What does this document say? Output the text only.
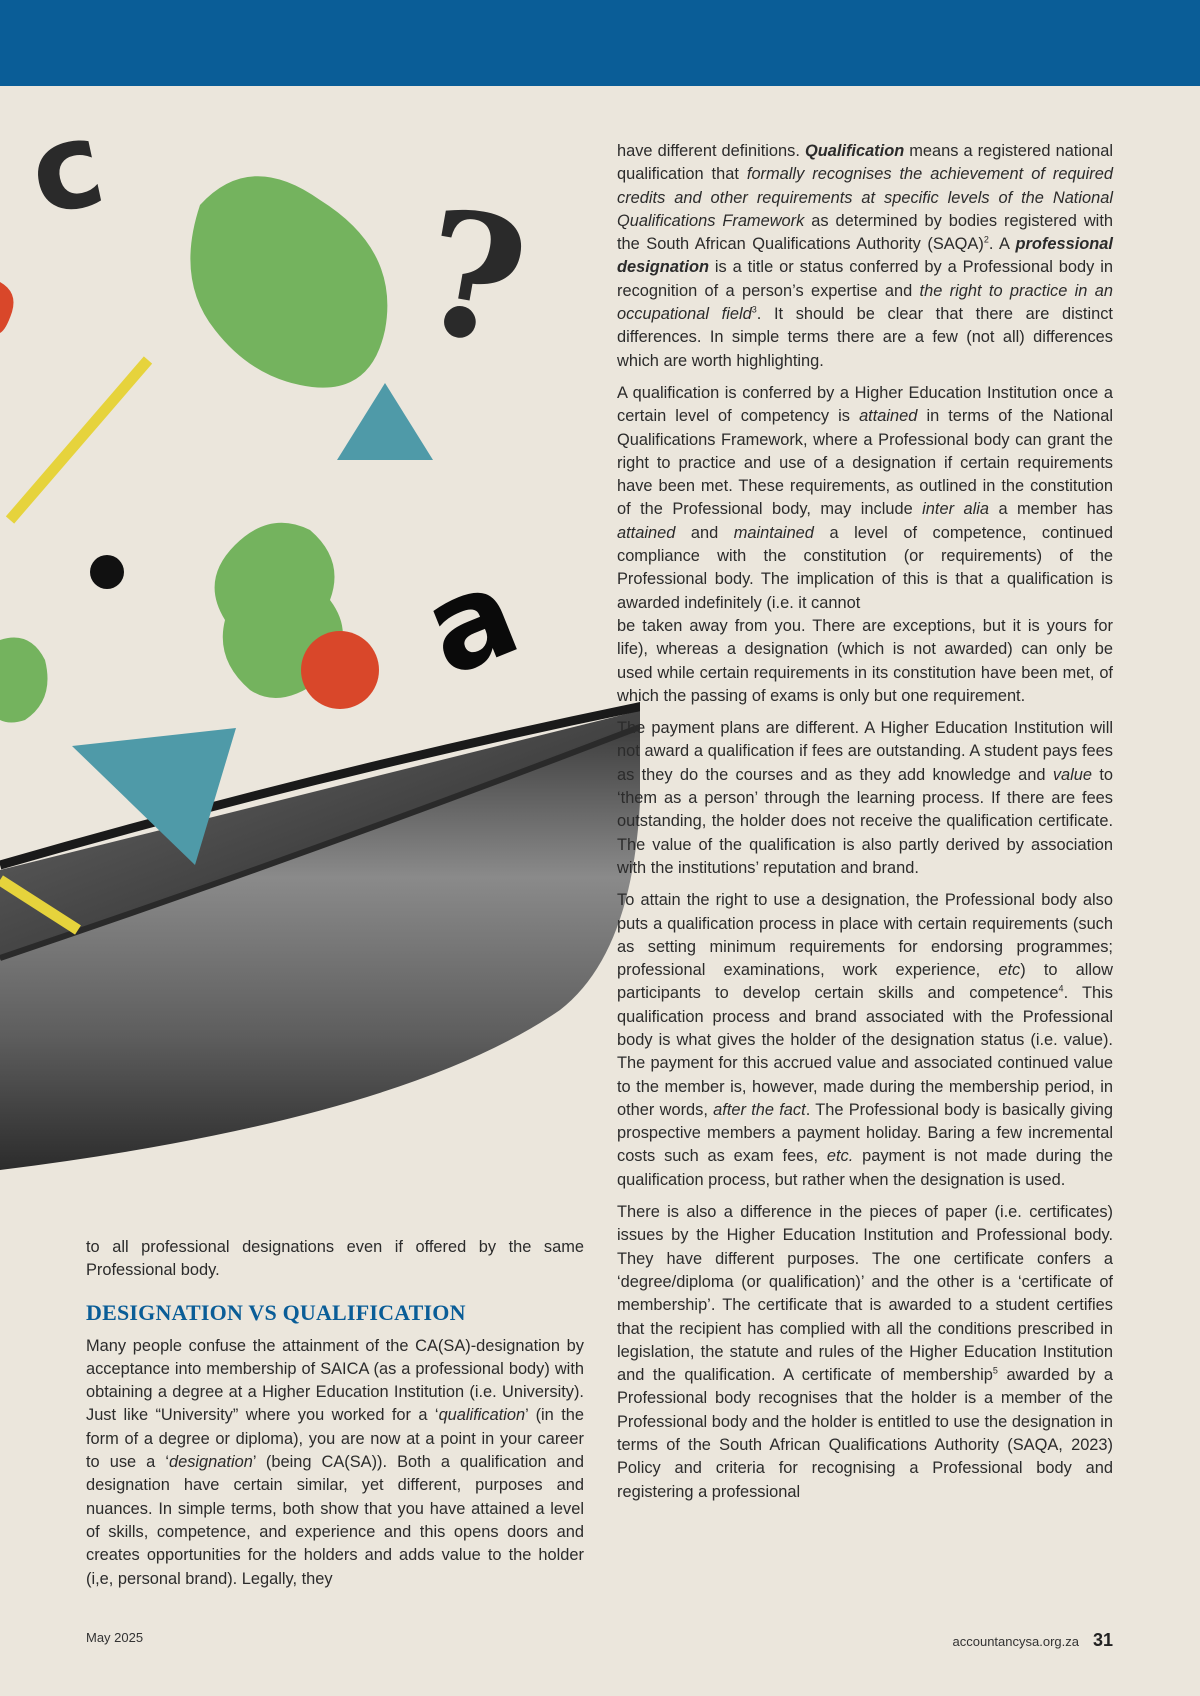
c
?
a

to all professional designations even if offered by the same Professional body.

DESIGNATION VS QUALIFICATION

Many people confuse the attainment of the CA(SA)-designation by acceptance into membership of SAICA (as a professional body) with obtaining a degree at a Higher Education Institution (i.e. University). Just like “University” where you worked for a ‘qualification’ (in the form of a degree or diploma), you are now at a point in your career to use a ‘designation’ (being CA(SA)). Both a qualification and designation have certain similar, yet different, purposes and nuances. In simple terms, both show that you have attained a level of skills, competence, and experience and this opens doors and creates opportunities for the holders and adds value to the holder (i,e, personal brand). Legally, they

have different definitions. Qualification means a registered national qualification that formally recognises the achievement of required credits and other requirements at specific levels of the National Qualifications Framework as determined by bodies registered with the South African Qualifications Authority (SAQA)$^2$. A professional designation is a title or status conferred by a Professional body in recognition of a person’s expertise and the right to practice in an occupational field$^3$. It should be clear that there are distinct differences. In simple terms there are a few (not all) differences which are worth highlighting.

A qualification is conferred by a Higher Education Institution once a certain level of competency is attained in terms of the National Qualifications Framework, where a Professional body can grant the right to practice and use of a designation if certain requirements have been met. These requirements, as outlined in the constitution of the Professional body, may include inter alia a member has attained and maintained a level of competence, continued compliance with the constitution (or requirements) of the Professional body. The implication of this is that a qualification is awarded indefinitely (i.e. it cannot

be taken away from you. There are exceptions, but it is yours for life), whereas a designation (which is not awarded) can only be used while certain requirements in its constitution have been met, of which the passing of exams is only but one requirement.

The payment plans are different. A Higher Education Institution will not award a qualification if fees are outstanding. A student pays fees as they do the courses and as they add knowledge and value to ‘them as a person’ through the learning process. If there are fees outstanding, the holder does not receive the qualification certificate. The value of the qualification is also partly derived by association with the institutions’ reputation and brand.

To attain the right to use a designation, the Professional body also puts a qualification process in place with certain requirements (such as setting minimum requirements for endorsing programmes; professional examinations, work experience, etc) to allow participants to develop certain skills and competence$^4$. This qualification process and brand associated with the Professional body is what gives the holder of the designation status (i.e. value). The payment for this accrued value and associated continued value to the member is, however, made during the membership period, in other words, after the fact. The Professional body is basically giving prospective members a payment holiday. Baring a few incremental costs such as exam fees, etc. payment is not made during the qualification process, but rather when the designation is used.

There is also a difference in the pieces of paper (i.e. certificates) issues by the Higher Education Institution and Professional body. They have different purposes. The one certificate confers a ‘degree/diploma (or qualification)’ and the other is a ‘certificate of membership’. The certificate that is awarded to a student certifies that the recipient has complied with all the conditions prescribed in legislation, the statute and rules of the Higher Education Institution and the qualification. A certificate of membership$^5$ awarded by a Professional body recognises that the holder is a member of the Professional body and the holder is entitled to use the designation in terms of the South African Qualifications Authority (SAQA, 2023) Policy and criteria for recognising a Professional body and registering a professional

May 2025	accountancysa.org.za 31
